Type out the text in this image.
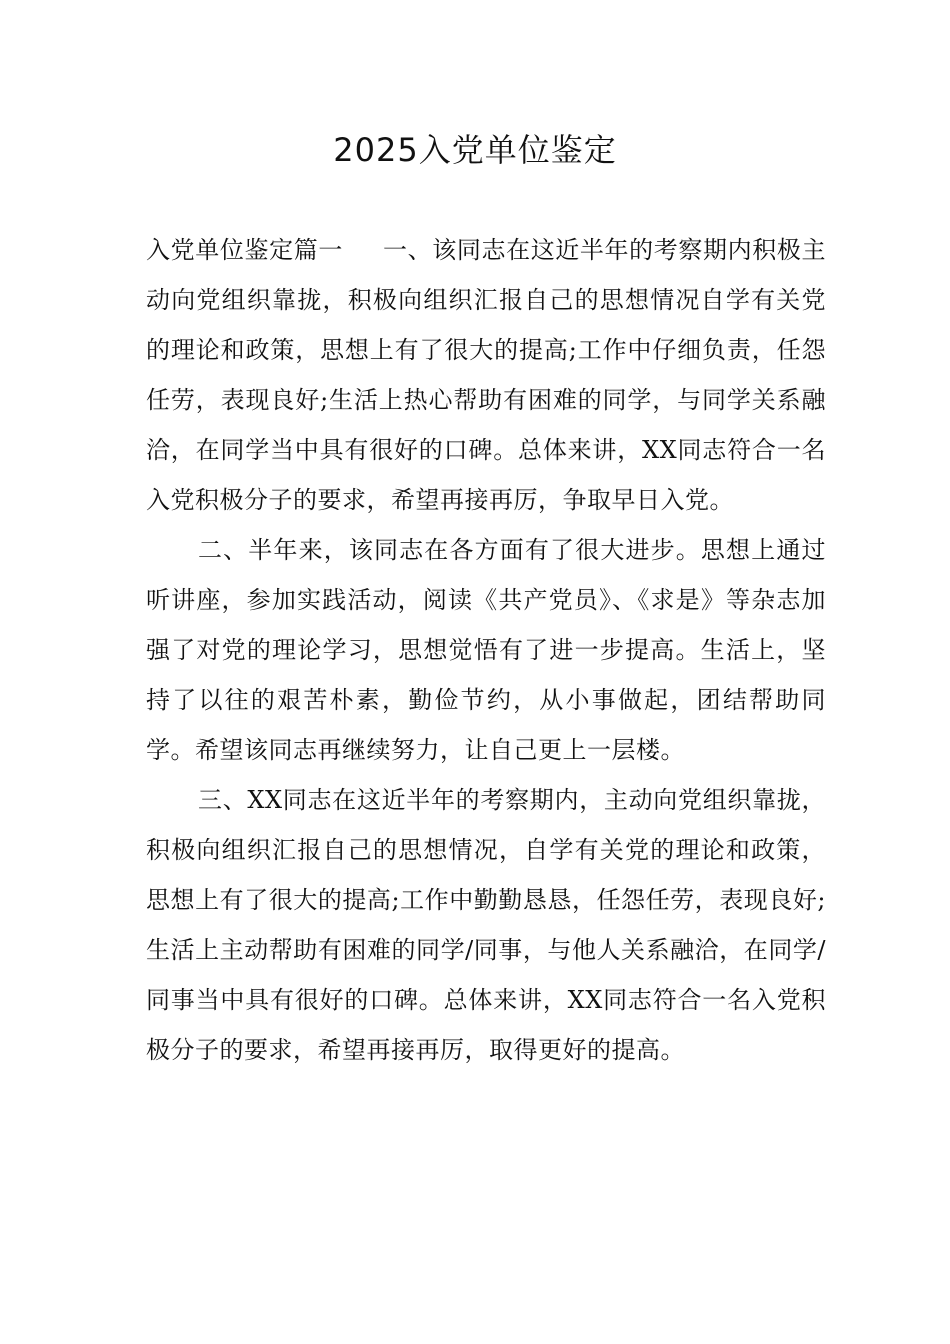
2025入党单位鉴定

入党单位鉴定篇一 一、该同志在这近半年的考察期内积极主动向党组织靠拢，积极向组织汇报自己的思想情况自学有关党的理论和政策，思想上有了很大的提高;工作中仔细负责，任怨任劳，表现良好;生活上热心帮助有困难的同学，与同学关系融洽，在同学当中具有很好的口碑。总体来讲，XX同志符合一名入党积极分子的要求，希望再接再厉，争取早日入党。

二、半年来，该同志在各方面有了很大进步。思想上通过听讲座，参加实践活动，阅读《共产党员》、《求是》等杂志加强了对党的理论学习，思想觉悟有了进一步提高。生活上，坚持了以往的艰苦朴素，勤俭节约，从小事做起，团结帮助同学。希望该同志再继续努力，让自己更上一层楼。

三、XX同志在这近半年的考察期内，主动向党组织靠拢，积极向组织汇报自己的思想情况，自学有关党的理论和政策，思想上有了很大的提高;工作中勤勤恳恳，任怨任劳，表现良好;生活上主动帮助有困难的同学/同事，与他人关系融洽，在同学/同事当中具有很好的口碑。总体来讲，XX同志符合一名入党积极分子的要求，希望再接再厉，取得更好的提高。
